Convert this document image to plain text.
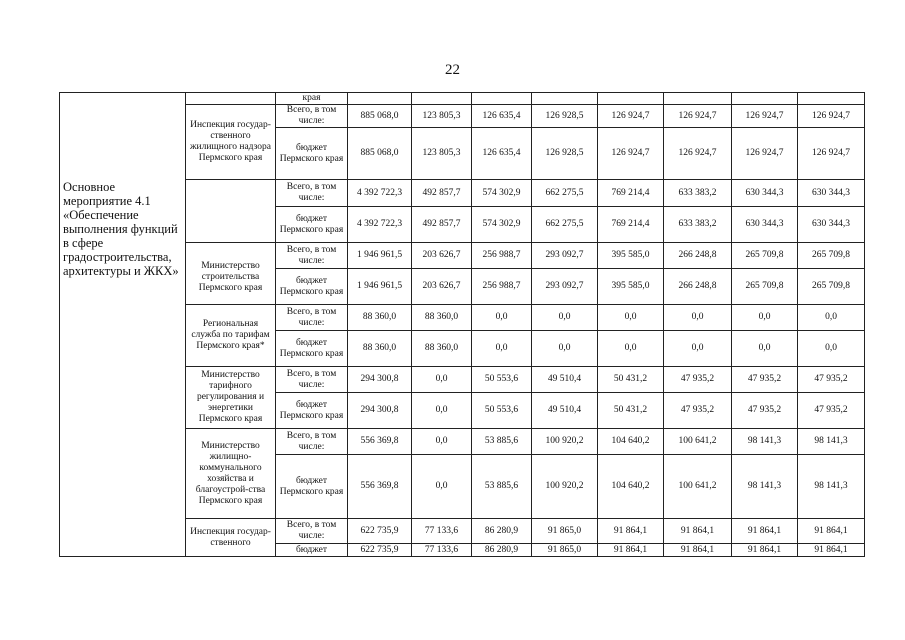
22
		края								
	Инспекция государ-ственного жилищного надзора Пермского края	Всего, в том числе:	885 068,0	123 805,3	126 635,4	126 928,5	126 924,7	126 924,7	126 924,7	126 924,7
		бюджет Пермского края	885 068,0	123 805,3	126 635,4	126 928,5	126 924,7	126 924,7	126 924,7	126 924,7

Основное мероприятие 4.1 «Обеспечение выполнения функций в сфере градостроительства, архитектуры и ЖКХ»		Всего, в том числе:	4 392 722,3	492 857,7	574 302,9	662 275,5	769 214,4	633 383,2	630 344,3	630 344,3
		бюджет Пермского края	4 392 722,3	492 857,7	574 302,9	662 275,5	769 214,4	633 383,2	630 344,3	630 344,3
	Министерство строительства Пермского края	Всего, в том числе:	1 946 961,5	203 626,7	256 988,7	293 092,7	395 585,0	266 248,8	265 709,8	265 709,8
		бюджет Пермского края	1 946 961,5	203 626,7	256 988,7	293 092,7	395 585,0	266 248,8	265 709,8	265 709,8
	Региональная служба по тарифам Пермского края*	Всего, в том числе:	88 360,0	88 360,0	0,0	0,0	0,0	0,0	0,0	0,0
		бюджет Пермского края	88 360,0	88 360,0	0,0	0,0	0,0	0,0	0,0	0,0
	Министерство тарифного регулирования и энергетики Пермского края	Всего, в том числе:	294 300,8	0,0	50 553,6	49 510,4	50 431,2	47 935,2	47 935,2	47 935,2
		бюджет Пермского края	294 300,8	0,0	50 553,6	49 510,4	50 431,2	47 935,2	47 935,2	47 935,2
	Министерство жилищно-коммунального хозяйства и благоустрой-ства Пермского края	Всего, в том числе:	556 369,8	0,0	53 885,6	100 920,2	104 640,2	100 641,2	98 141,3	98 141,3
		бюджет Пермского края	556 369,8	0,0	53 885,6	100 920,2	104 640,2	100 641,2	98 141,3	98 141,3
	Инспекция государ-ственного	Всего, в том числе:	622 735,9	77 133,6	86 280,9	91 865,0	91 864,1	91 864,1	91 864,1	91 864,1
		бюджет	622 735,9	77 133,6	86 280,9	91 865,0	91 864,1	91 864,1	91 864,1	91 864,1
